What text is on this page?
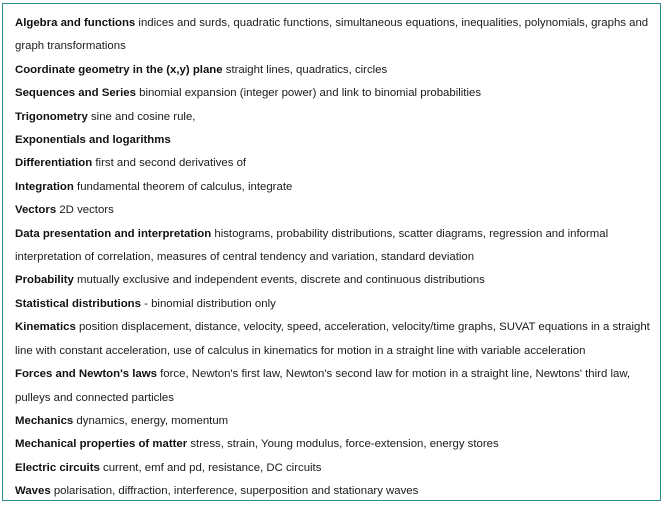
Algebra and functions indices and surds, quadratic functions, simultaneous equations, inequalities, polynomials, graphs and graph transformations
Coordinate geometry in the (x,y) plane straight lines, quadratics, circles
Sequences and Series binomial expansion (integer power) and link to binomial probabilities
Trigonometry sine and cosine rule,
Exponentials and logarithms
Differentiation first and second derivatives of
Integration fundamental theorem of calculus, integrate
Vectors 2D vectors
Data presentation and interpretation histograms, probability distributions, scatter diagrams, regression and informal interpretation of correlation, measures of central tendency and variation, standard deviation
Probability mutually exclusive and independent events, discrete and continuous distributions
Statistical distributions - binomial distribution only
Kinematics position displacement, distance, velocity, speed, acceleration, velocity/time graphs, SUVAT equations in a straight line with constant acceleration, use of calculus in kinematics for motion in a straight line with variable acceleration
Forces and Newton's laws force, Newton's first law, Newton's second law for motion in a straight line, Newtons' third law, pulleys and connected particles
Mechanics dynamics, energy, momentum
Mechanical properties of matter stress, strain, Young modulus, force-extension, energy stores
Electric circuits current, emf and pd, resistance, DC circuits
Waves polarisation, diffraction, interference, superposition and stationary waves
